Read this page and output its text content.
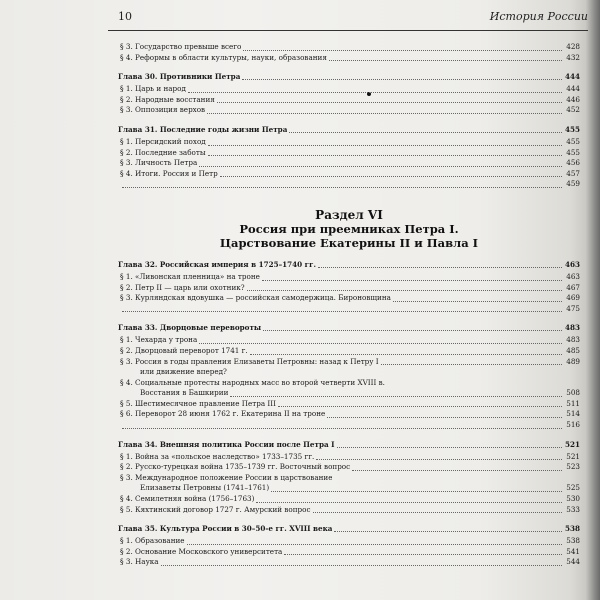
10	История России
§ 3. Государство превыше всего	428
§ 4. Реформы в области культуры, науки, образования	432
Глава 30. Противники Петра	444
§ 1. Царь и народ	444
§ 2. Народные восстания	446
§ 3. Оппозиция верхов	452
Глава 31. Последние годы жизни Петра	455
§ 1. Персидский поход	455
§ 2. Последние заботы	455
§ 3. Личность Петра	456
§ 4. Итоги. Россия и Петр	457
459
Раздел VI
Россия при преемниках Петра I.
Царствование Екатерины II и Павла I
Глава 32. Российская империя в 1725–1740 гг.	463
§ 1. «Ливонская пленница» на троне	463
§ 2. Петр II — царь или охотник?	467
§ 3. Курляндская вдовушка — российская самодержица. Бироновщина	469
475
Глава 33. Дворцовые перевороты	483
§ 1. Чехарда у трона	483
§ 2. Дворцовый переворот 1741 г.	485
§ 3. Россия в годы правления Елизаветы Петровны: назад к Петру I	489
или движение вперед?
§ 4. Социальные протесты народных масс во второй четверти XVIII в.
Восстания в Башкирии	508
§ 5. Шестимесячное правление Петра III	511
§ 6. Переворот 28 июня 1762 г. Екатерина II на троне	514
516
Глава 34. Внешняя политика России после Петра I	521
§ 1. Война за «польское наследство» 1733–1735 гг.	521
§ 2. Русско-турецкая война 1735–1739 гг. Восточный вопрос	523
§ 3. Международное положение России в царствование
Елизаветы Петровны (1741–1761)	525
§ 4. Семилетняя война (1756–1763)	530
§ 5. Кяхтинский договор 1727 г. Амурский вопрос	533
Глава 35. Культура России в 30–50-е гг. XVIII века	538
§ 1. Образование	538
§ 2. Основание Московского университета	541
§ 3. Наука	544
